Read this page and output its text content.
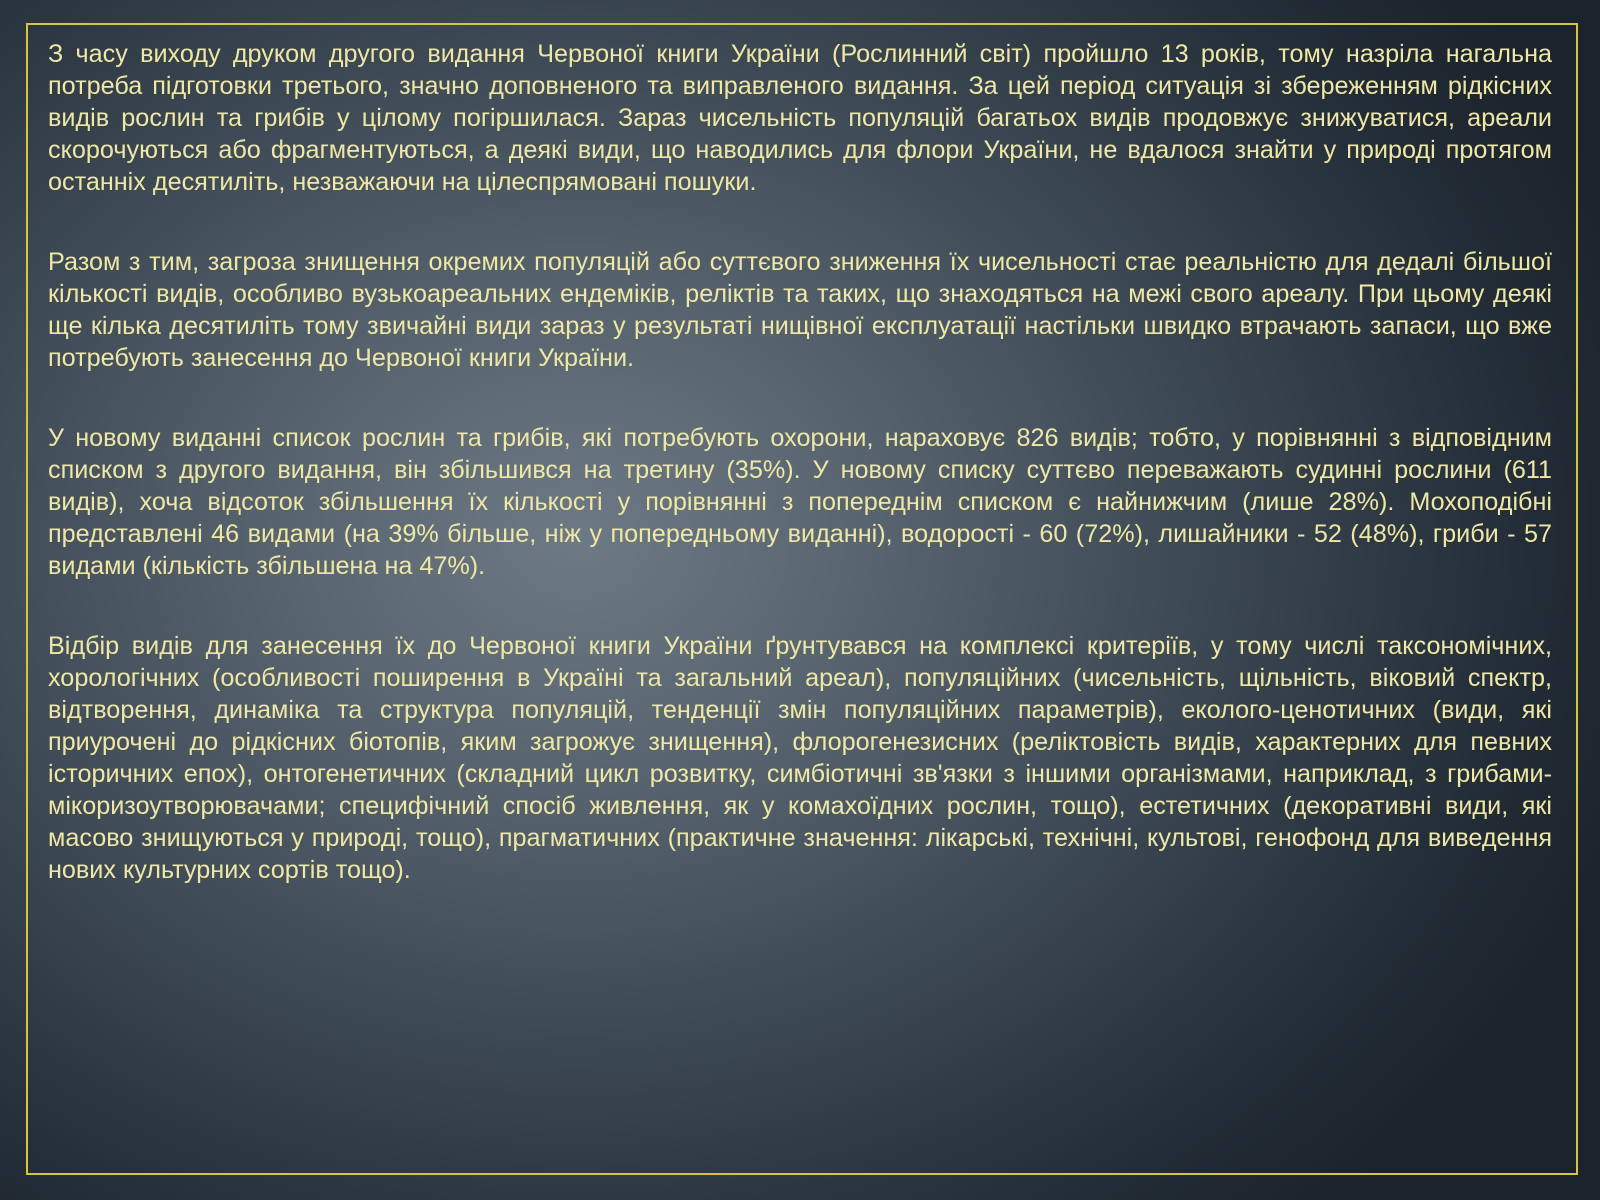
З часу виходу друком другого видання Червоної книги України (Рослинний світ) пройшло 13 років, тому назріла нагальна потреба підготовки третього, значно доповненого та виправленого видання. За цей період ситуація зі збереженням рідкісних видів рослин та грибів у цілому погіршилася. Зараз чисельність популяцій багатьох видів продовжує знижуватися, ареали скорочуються або фрагментуються, а деякі види, що наводились для флори України, не вдалося знайти у природі протягом останніх десятиліть, незважаючи на цілеспрямовані пошуки.

Разом з тим, загроза знищення окремих популяцій або суттєвого зниження їх чисельності стає реальністю для дедалі більшої кількості видів, особливо вузькоареальних ендеміків, реліктів та таких, що знаходяться на межі свого ареалу. При цьому деякі ще кілька десятиліть тому звичайні види зараз у результаті нищівної експлуатації настільки швидко втрачають запаси, що вже потребують занесення до Червоної книги України.

У новому виданні список рослин та грибів, які потребують охорони, нараховує 826 видів; тобто, у порівнянні з відповідним списком з другого видання, він збільшився на третину (35%). У новому списку суттєво переважають судинні рослини (611 видів), хоча відсоток збільшення їх кількості у порівнянні з попереднім списком є найнижчим (лише 28%). Мохоподібні представлені 46 видами (на 39% більше, ніж у попередньому виданні), водорості - 60 (72%), лишайники - 52 (48%), гриби - 57 видами (кількість збільшена на 47%).

Відбір видів для занесення їх до Червоної книги України ґрунтувався на комплексі критеріїв, у тому числі таксономічних, хорологічних (особливості поширення в Україні та загальний ареал), популяційних (чисельність, щільність, віковий спектр, відтворення, динаміка та структура популяцій, тенденції змін популяційних параметрів), еколого-ценотичних (види, які приурочені до рідкісних біотопів, яким загрожує знищення), флорогенезисних (реліктовість видів, характерних для певних історичних епох), онтогенетичних (складний цикл розвитку, симбіотичні зв'язки з іншими організмами, наприклад, з грибами-мікоризоутворювачами; специфічний спосіб живлення, як у комахоїдних рослин, тощо), естетичних (декоративні види, які масово знищуються у природі, тощо), прагматичних (практичне значення: лікарські, технічні, культові, генофонд для виведення нових культурних сортів тощо).
